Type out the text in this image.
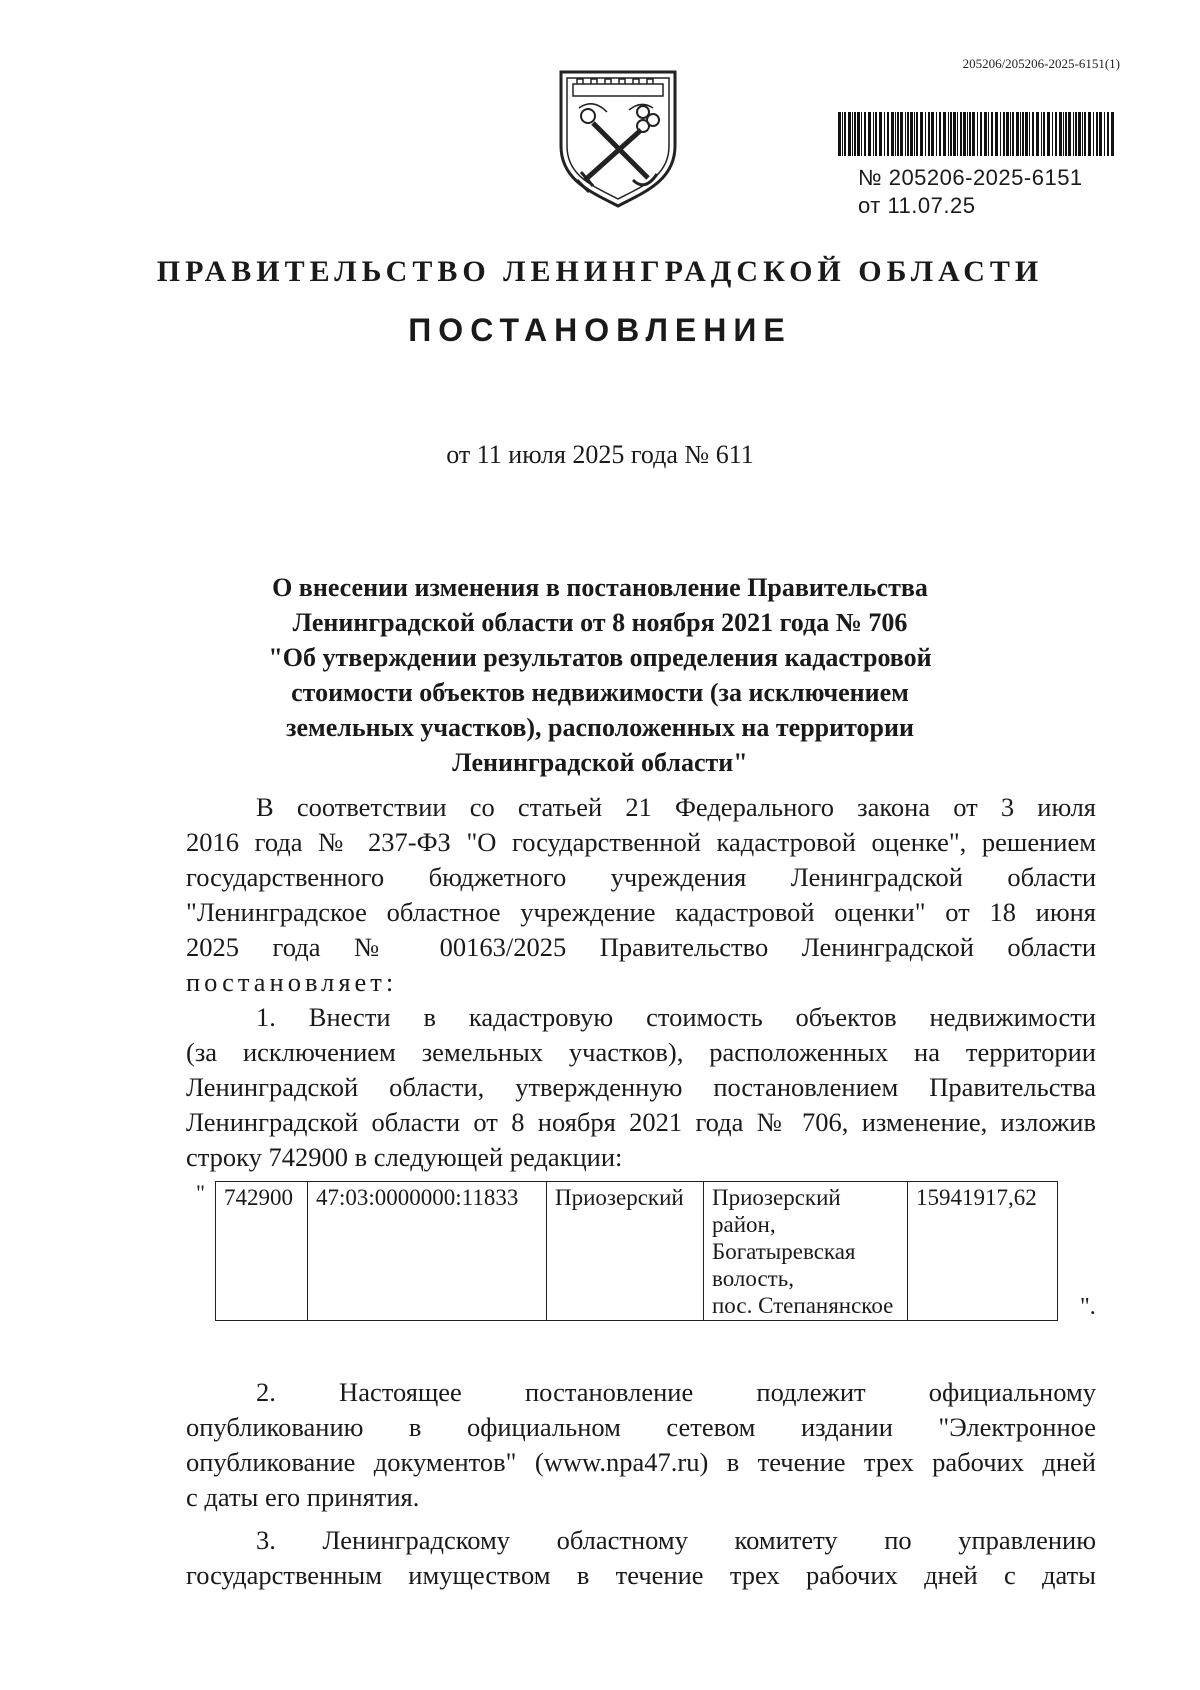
205206/205206-2025-6151(1)
№ 205206-2025-6151
от 11.07.25
ПРАВИТЕЛЬСТВО ЛЕНИНГРАДСКОЙ ОБЛАСТИ
ПОСТАНОВЛЕНИЕ
от 11 июля 2025 года № 611
О внесении изменения в постановление Правительства
Ленинградской области от 8 ноября 2021 года № 706
"Об утверждении результатов определения кадастровой
стоимости объектов недвижимости (за исключением
земельных участков), расположенных на территории
Ленинградской области"
В соответствии со статьей 21 Федерального закона от 3 июля
2016 года № 237-ФЗ "О государственной кадастровой оценке", решением
государственного бюджетного учреждения Ленинградской области
"Ленинградское областное учреждение кадастровой оценки" от 18 июня
2025 года № 00163/2025 Правительство Ленинградской области
постановляет:
1. Внести в кадастровую стоимость объектов недвижимости
(за исключением земельных участков), расположенных на территории
Ленинградской области, утвержденную постановлением Правительства
Ленинградской области от 8 ноября 2021 года № 706, изменение, изложив
строку 742900 в следующей редакции:
" 742900	47:03:0000000:11833	Приозерский	Приозерский
район,
Богатыревская
волость,
пос. Степанянское
	15941917,62
".
2. Настоящее постановление подлежит официальному
опубликованию в официальном сетевом издании "Электронное
опубликование документов" (www.npa47.ru) в течение трех рабочих дней
с даты его принятия.
3. Ленинградскому областному комитету по управлению
государственным имуществом в течение трех рабочих дней с даты
